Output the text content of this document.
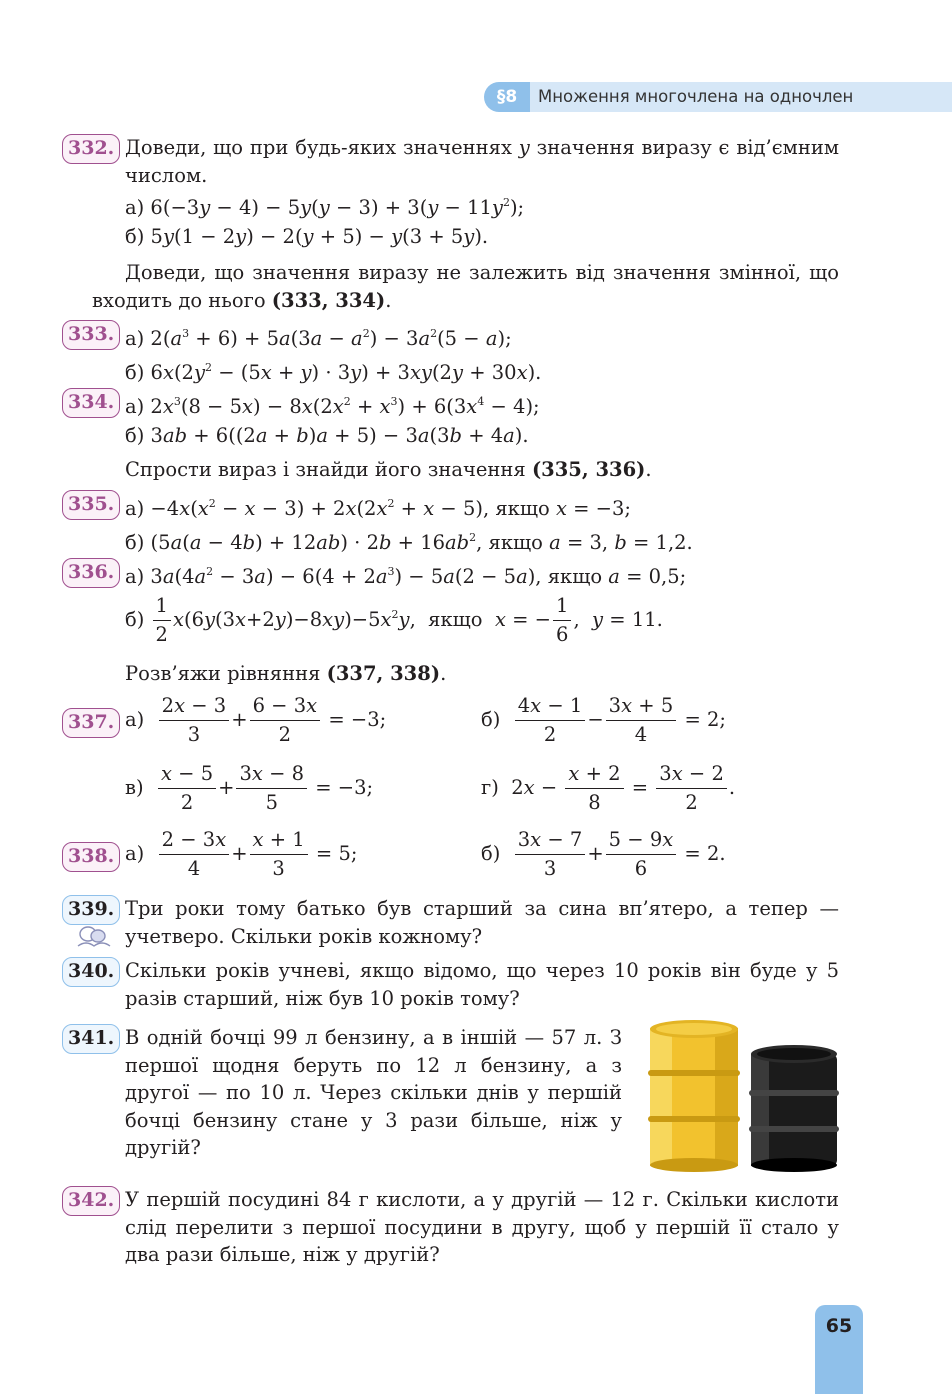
§8	Множення многочлена на одночлен
332. Доведи, що при будь-яких значеннях y значення виразу є від’ємним числом.
а) $6(-3y - 4) - 5y(y - 3) + 3(y - 11y^2)$;
б) 5y(1 − 2y) − 2(y + 5) − y(3 + 5y).
Доведи, що значення виразу не залежить від значення змінної, що входить до нього (333, 334).
333. а) $2(a^3 + 6) + 5a(3a - a^2) - 3a^2(5 - a)$;
б) $6x(2y^2 - (5x + y) \cdot 3y) + 3xy(2y + 30x)$.
334. а) $2x^3(8 - 5x) - 8x(2x^2 + x^3) + 6(3x^4 - 4)$;
б) 3ab + 6((2a + b)a + 5) − 3a(3b + 4a).
Спрости вираз і знайди його значення (335, 336).
335. $а) -4x(x^2 - x - 3) + 2x(2x^2 + x - 5)$, якщо x = −3;
б) $(5a(a - 4b) + 12ab) \cdot 2b + 16ab^2$, якщо a = 3, b = 1,2.
336. а) $3a(4a^2 - 3a) - 6(4 + 2a^3) - 5a(2 - 5a)$, якщо a = 0,5;
$б) \frac{1}{2} x(6y(3x+2y)-8xy)-5x^2y$,  якщо  x = − $\frac{1}{6}$ ,  y = 11.
Розв’яжи рівняння (337, 338).
337. $а) \frac{2x - 3}{3} + \frac{6 - 3x}{2} = -3$;	$б) \frac{4x - 1}{2} - \frac{3x + 5}{4} = 2$;
$в) \frac{x - 5}{2} + \frac{3x - 8}{5} = -3$;	г)  $2x - \frac{x + 2}{8} = \frac{3x - 2}{2}$ .
338. $а) \frac{2 - 3x}{4} + \frac{x + 1}{3} = 5$;	$б) \frac{3x - 7}{3} + \frac{5 - 9x}{6} = 2$.
339. Три роки тому батько був старший за сина вп’ятеро, а тепер — учетверо. Скільки років кожному?
340. Скільки років учневі, якщо відомо, що через 10 років він буде у 5 разів старший, ніж був 10 років тому?
341. В одній бочці 99 л бензину, а в іншій — 57 л. З першої щодня беруть по 12 л бензину, а з другої — по 10 л. Через скільки днів у першій бочці бензину стане у 3 рази більше, ніж у другій?
342. У першій посудині 84 г кислоти, а у другій — 12 г. Скільки кислоти слід перелити з першої посудини в другу, щоб у першій її стало у два рази більше, ніж у другій?
65
